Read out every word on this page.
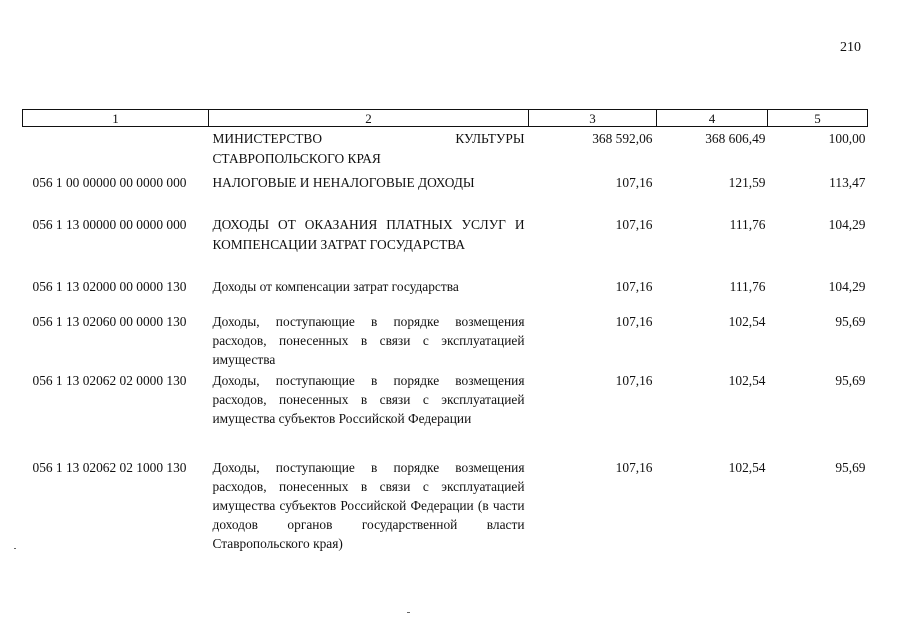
210
1	2	3	4	5
	МИНИСТЕРСТВО КУЛЬТУРЫ СТАВРОПОЛЬСКОГО КРАЯ	368 592,06	368 606,49	100,00
056 1 00 00000 00 0000 000	НАЛОГОВЫЕ И НЕНАЛОГОВЫЕ ДОХОДЫ	107,16	121,59	113,47
056 1 13 00000 00 0000 000	ДОХОДЫ ОТ ОКАЗАНИЯ ПЛАТНЫХ УСЛУГ И КОМПЕНСАЦИИ ЗАТРАТ ГОСУДАРСТВА	107,16	111,76	104,29
056 1 13 02000 00 0000 130	Доходы от компенсации затрат государства	107,16	111,76	104,29
056 1 13 02060 00 0000 130	Доходы, поступающие в порядке возмещения расходов, понесенных в связи с эксплуатацией имущества	107,16	102,54	95,69
056 1 13 02062 02 0000 130	Доходы, поступающие в порядке возмещения расходов, понесенных в связи с эксплуатацией имущества субъектов Российской Федерации	107,16	102,54	95,69
056 1 13 02062 02 1000 130	Доходы, поступающие в порядке возмещения расходов, понесенных в связи с эксплуатацией имущества субъектов Российской Федерации (в части доходов органов государственной власти Ставропольского края)	107,16	102,54	95,69
